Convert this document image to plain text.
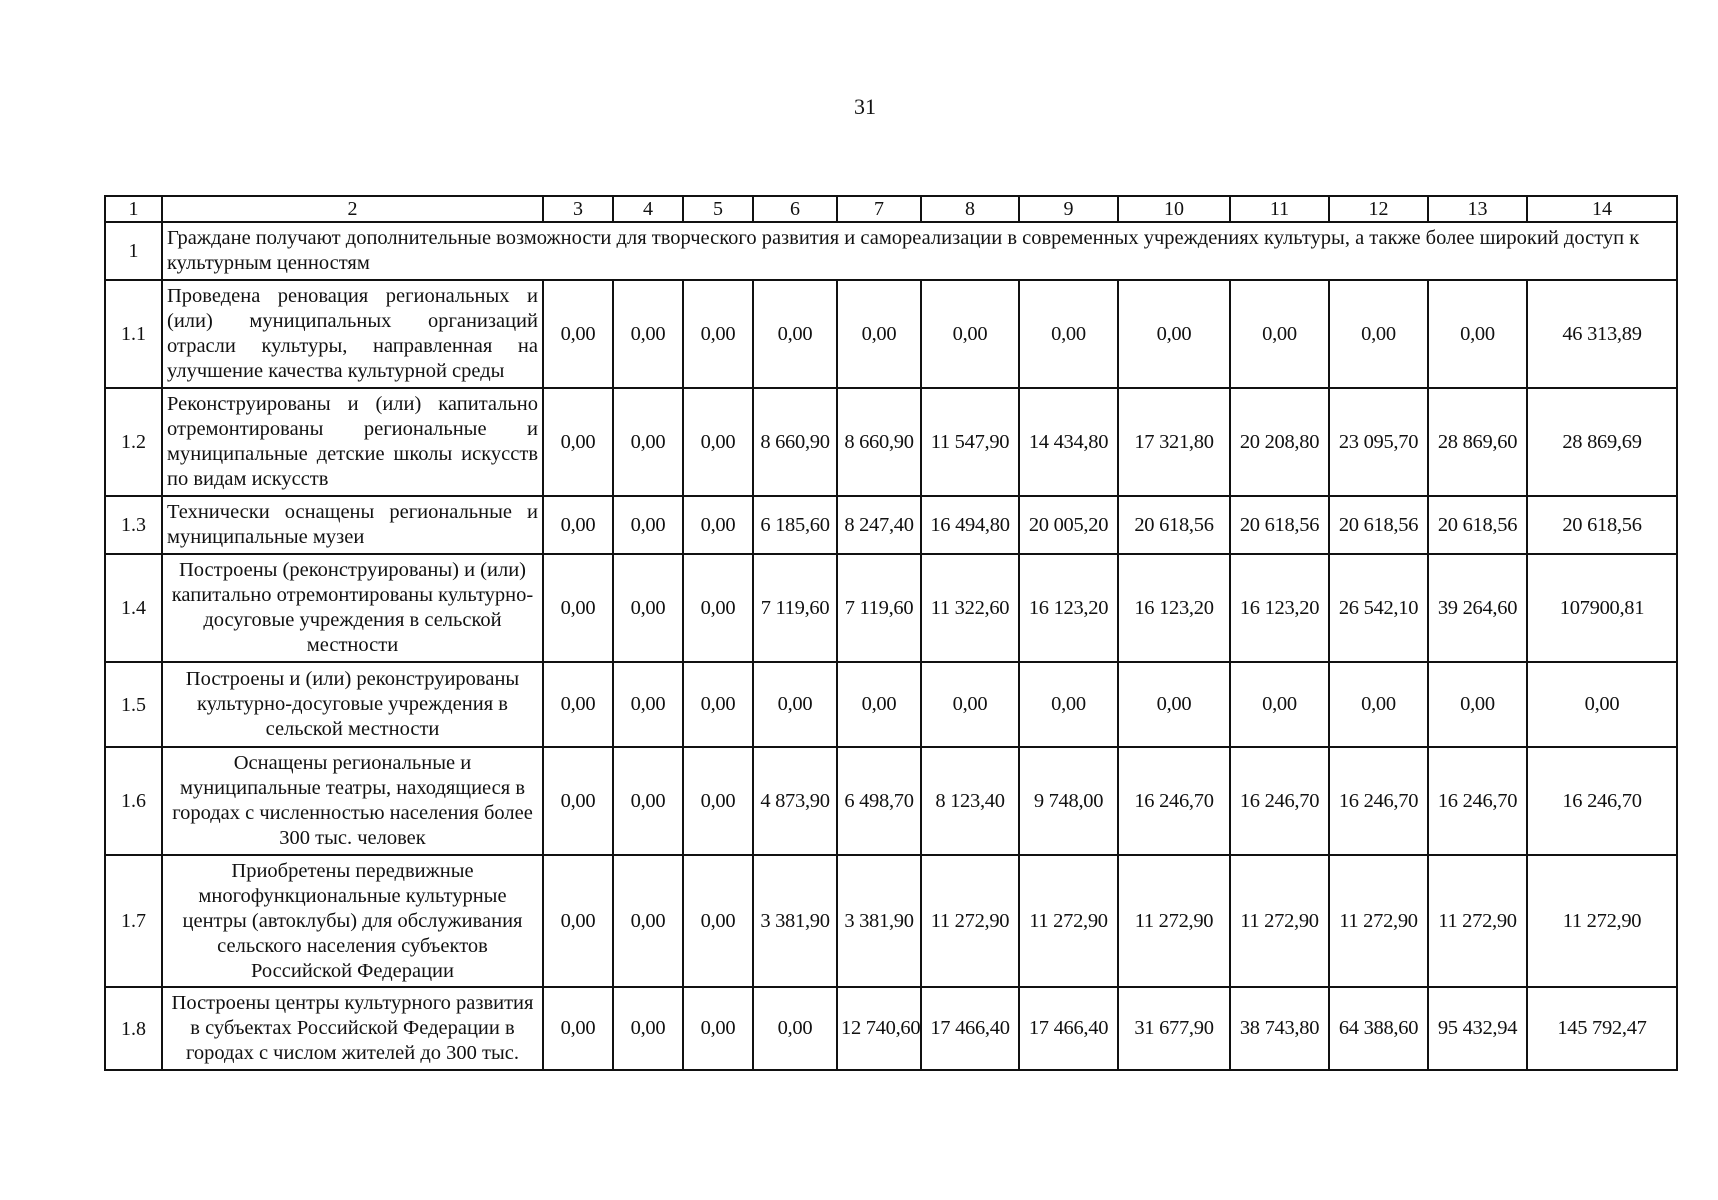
31
1	2	3	4	5	6	7	8	9	10	11	12	13	14
1	Граждане получают дополнительные возможности для творческого развития и самореализации в современных учреждениях культуры, а также более широкий доступ к культурным ценностям												
1.1	Проведена реновация региональных и (или) муниципальных организаций отрасли культуры, направленная на улучшение качества культурной среды	0,00	0,00	0,00	0,00	0,00	0,00	0,00	0,00	0,00	0,00	0,00	46 313,89
1.2	Реконструированы и (или) капитально отремонтированы региональные и муниципальные детские школы искусств по видам искусств	0,00	0,00	0,00	8 660,90	8 660,90	11 547,90	14 434,80	17 321,80	20 208,80	23 095,70	28 869,60	28 869,69
1.3	Технически оснащены региональные и муниципальные музеи	0,00	0,00	0,00	6 185,60	8 247,40	16 494,80	20 005,20	20 618,56	20 618,56	20 618,56	20 618,56	20 618,56
1.4	Построены (реконструированы) и (или) капитально отремонтированы культурно-досуговые учреждения в сельской местности	0,00	0,00	0,00	7 119,60	7 119,60	11 322,60	16 123,20	16 123,20	16 123,20	26 542,10	39 264,60	107900,81
1.5	Построены и (или) реконструированы культурно-досуговые учреждения в сельской местности	0,00	0,00	0,00	0,00	0,00	0,00	0,00	0,00	0,00	0,00	0,00	0,00
1.6	Оснащены региональные и муниципальные театры, находящиеся в городах с численностью населения более 300 тыс. человек	0,00	0,00	0,00	4 873,90	6 498,70	8 123,40	9 748,00	16 246,70	16 246,70	16 246,70	16 246,70	16 246,70
1.7	Приобретены передвижные многофункциональные культурные центры (автоклубы) для обслуживания сельского населения субъектов Российской Федерации	0,00	0,00	0,00	3 381,90	3 381,90	11 272,90	11 272,90	11 272,90	11 272,90	11 272,90	11 272,90	11 272,90
1.8	Построены центры культурного развития в субъектах Российской Федерации в городах с числом жителей до 300 тыс.	0,00	0,00	0,00	0,00	12 740,60	17 466,40	17 466,40	31 677,90	38 743,80	64 388,60	95 432,94	145 792,47
